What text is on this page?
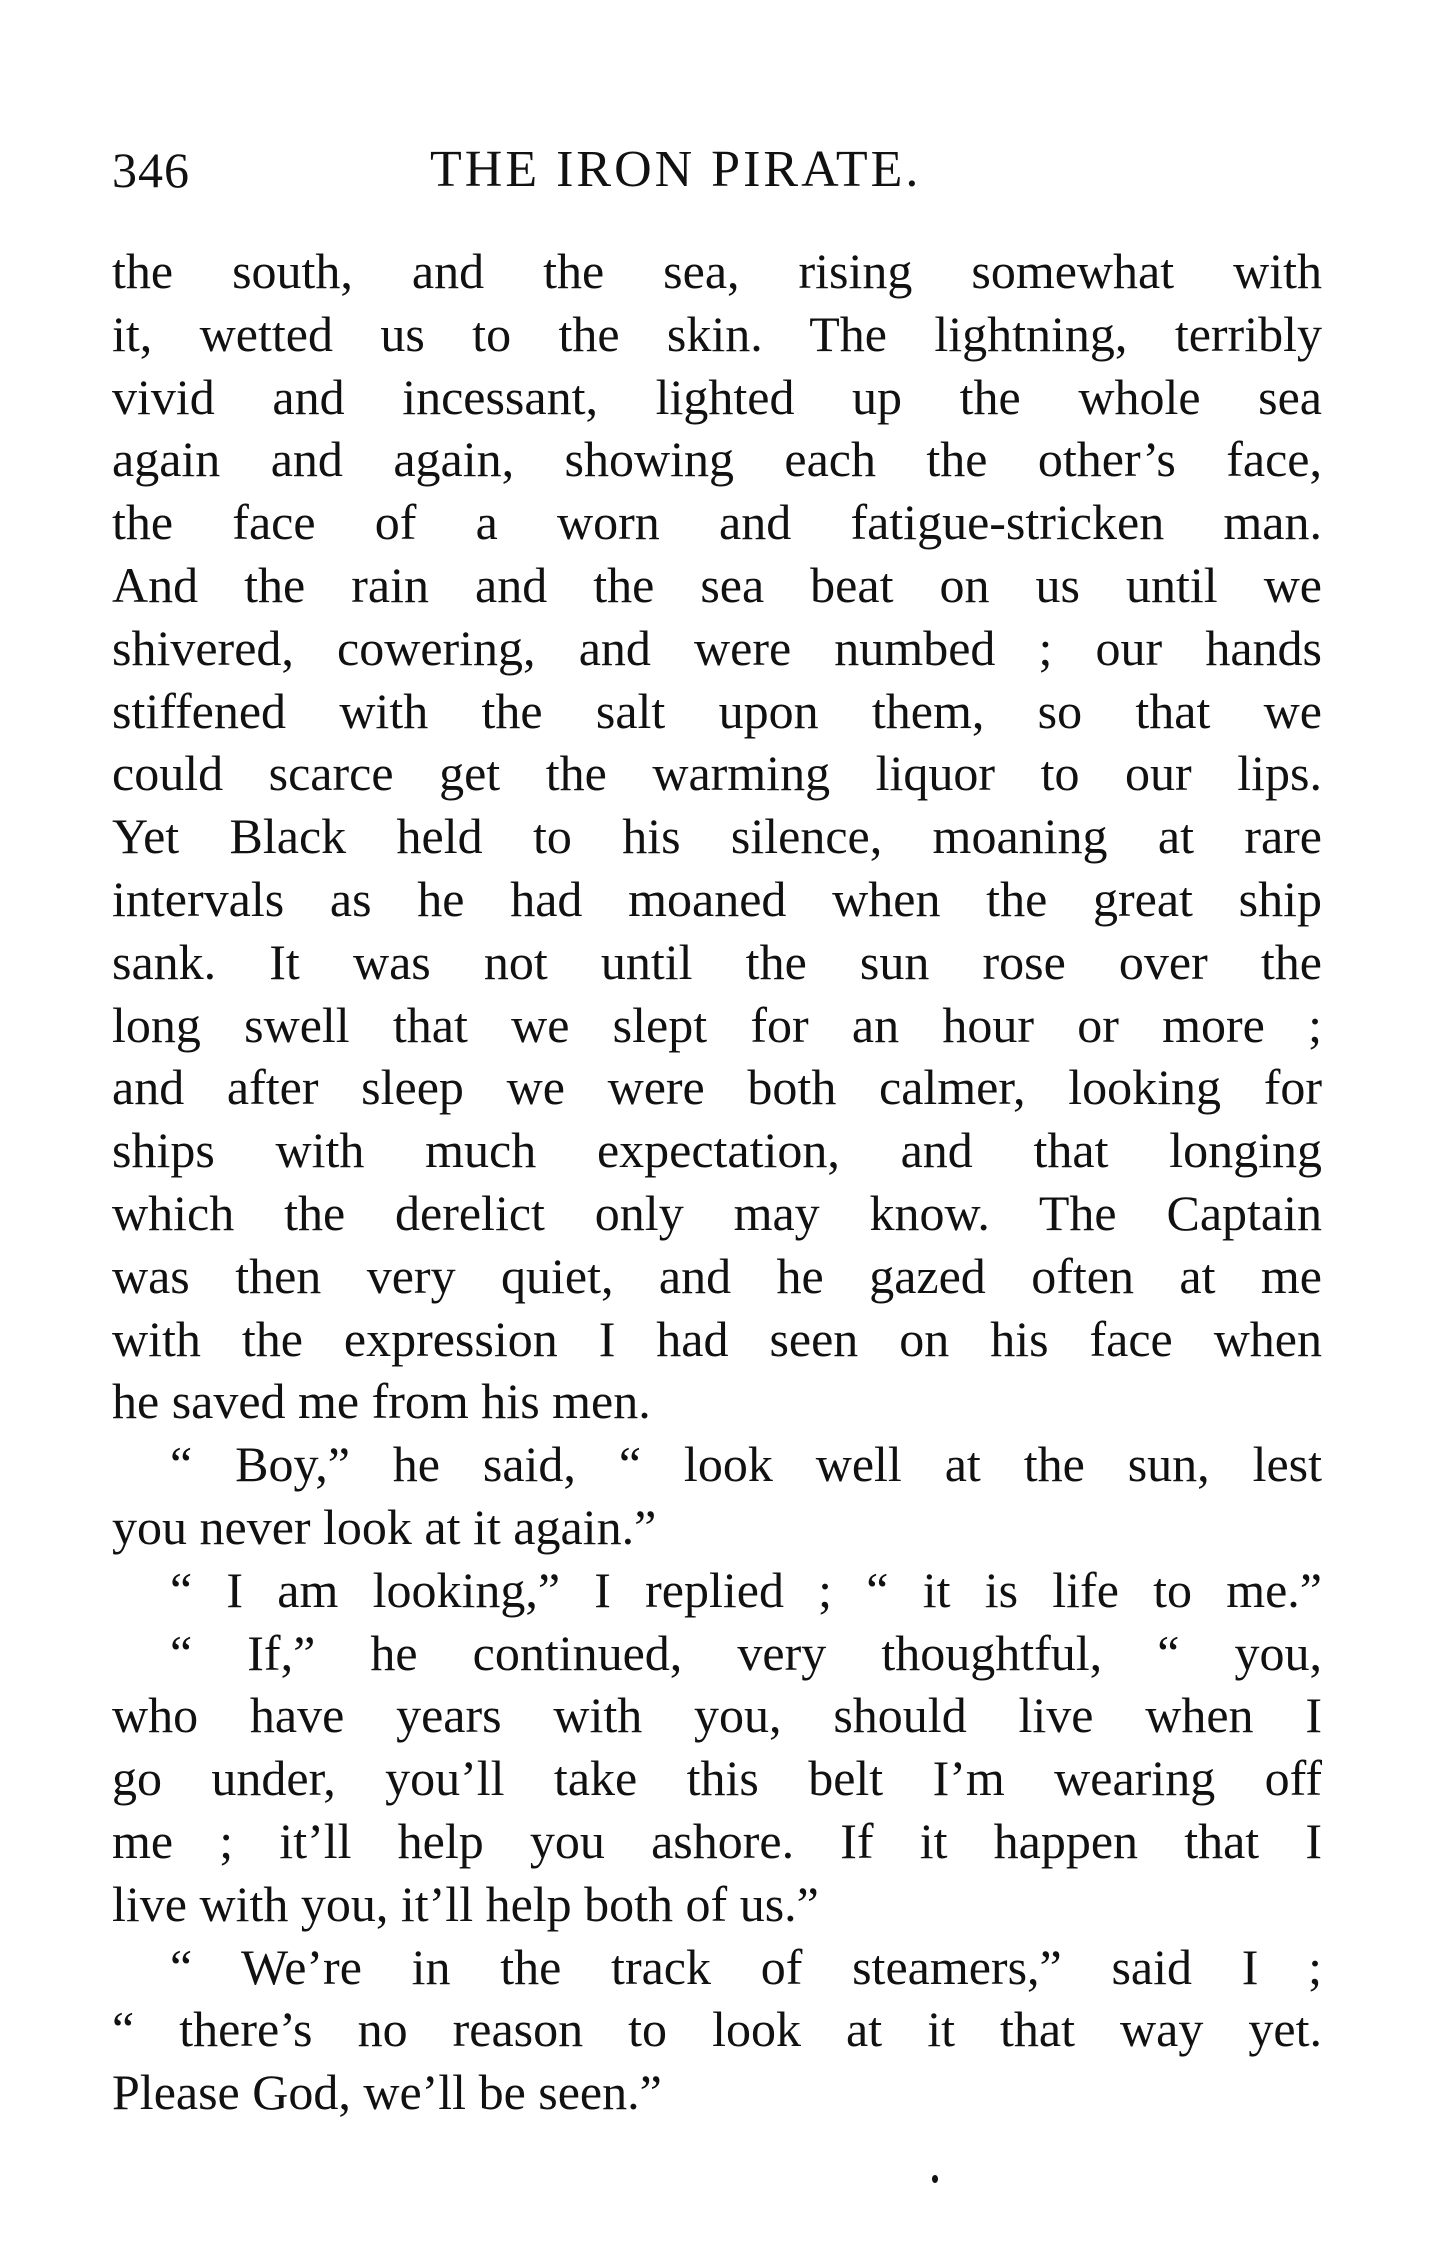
346	THE IRON PIRATE.
the south, and the sea, rising somewhat with
it, wetted us to the skin. The lightning, terribly
vivid and incessant, lighted up the whole sea
again and again, showing each the other’s face,
the face of a worn and fatigue-stricken man.
And the rain and the sea beat on us until we
shivered, cowering, and were numbed ; our hands
stiffened with the salt upon them, so that we
could scarce get the warming liquor to our lips.
Yet Black held to his silence, moaning at rare
intervals as he had moaned when the great ship
sank. It was not until the sun rose over the
long swell that we slept for an hour or more ;
and after sleep we were both calmer, looking for
ships with much expectation, and that longing
which the derelict only may know. The Captain
was then very quiet, and he gazed often at me
with the expression I had seen on his face when
he saved me from his men.
“ Boy,” he said, “ look well at the sun, lest
you never look at it again.”
“ I am looking,” I replied ; “ it is life to me.”
“ If,” he continued, very thoughtful, “ you,
who have years with you, should live when I
go under, you’ll take this belt I’m wearing off
me ; it’ll help you ashore. If it happen that I
live with you, it’ll help both of us.”
“ We’re in the track of steamers,” said I ;
“ there’s no reason to look at it that way yet.
Please God, we’ll be seen.”
